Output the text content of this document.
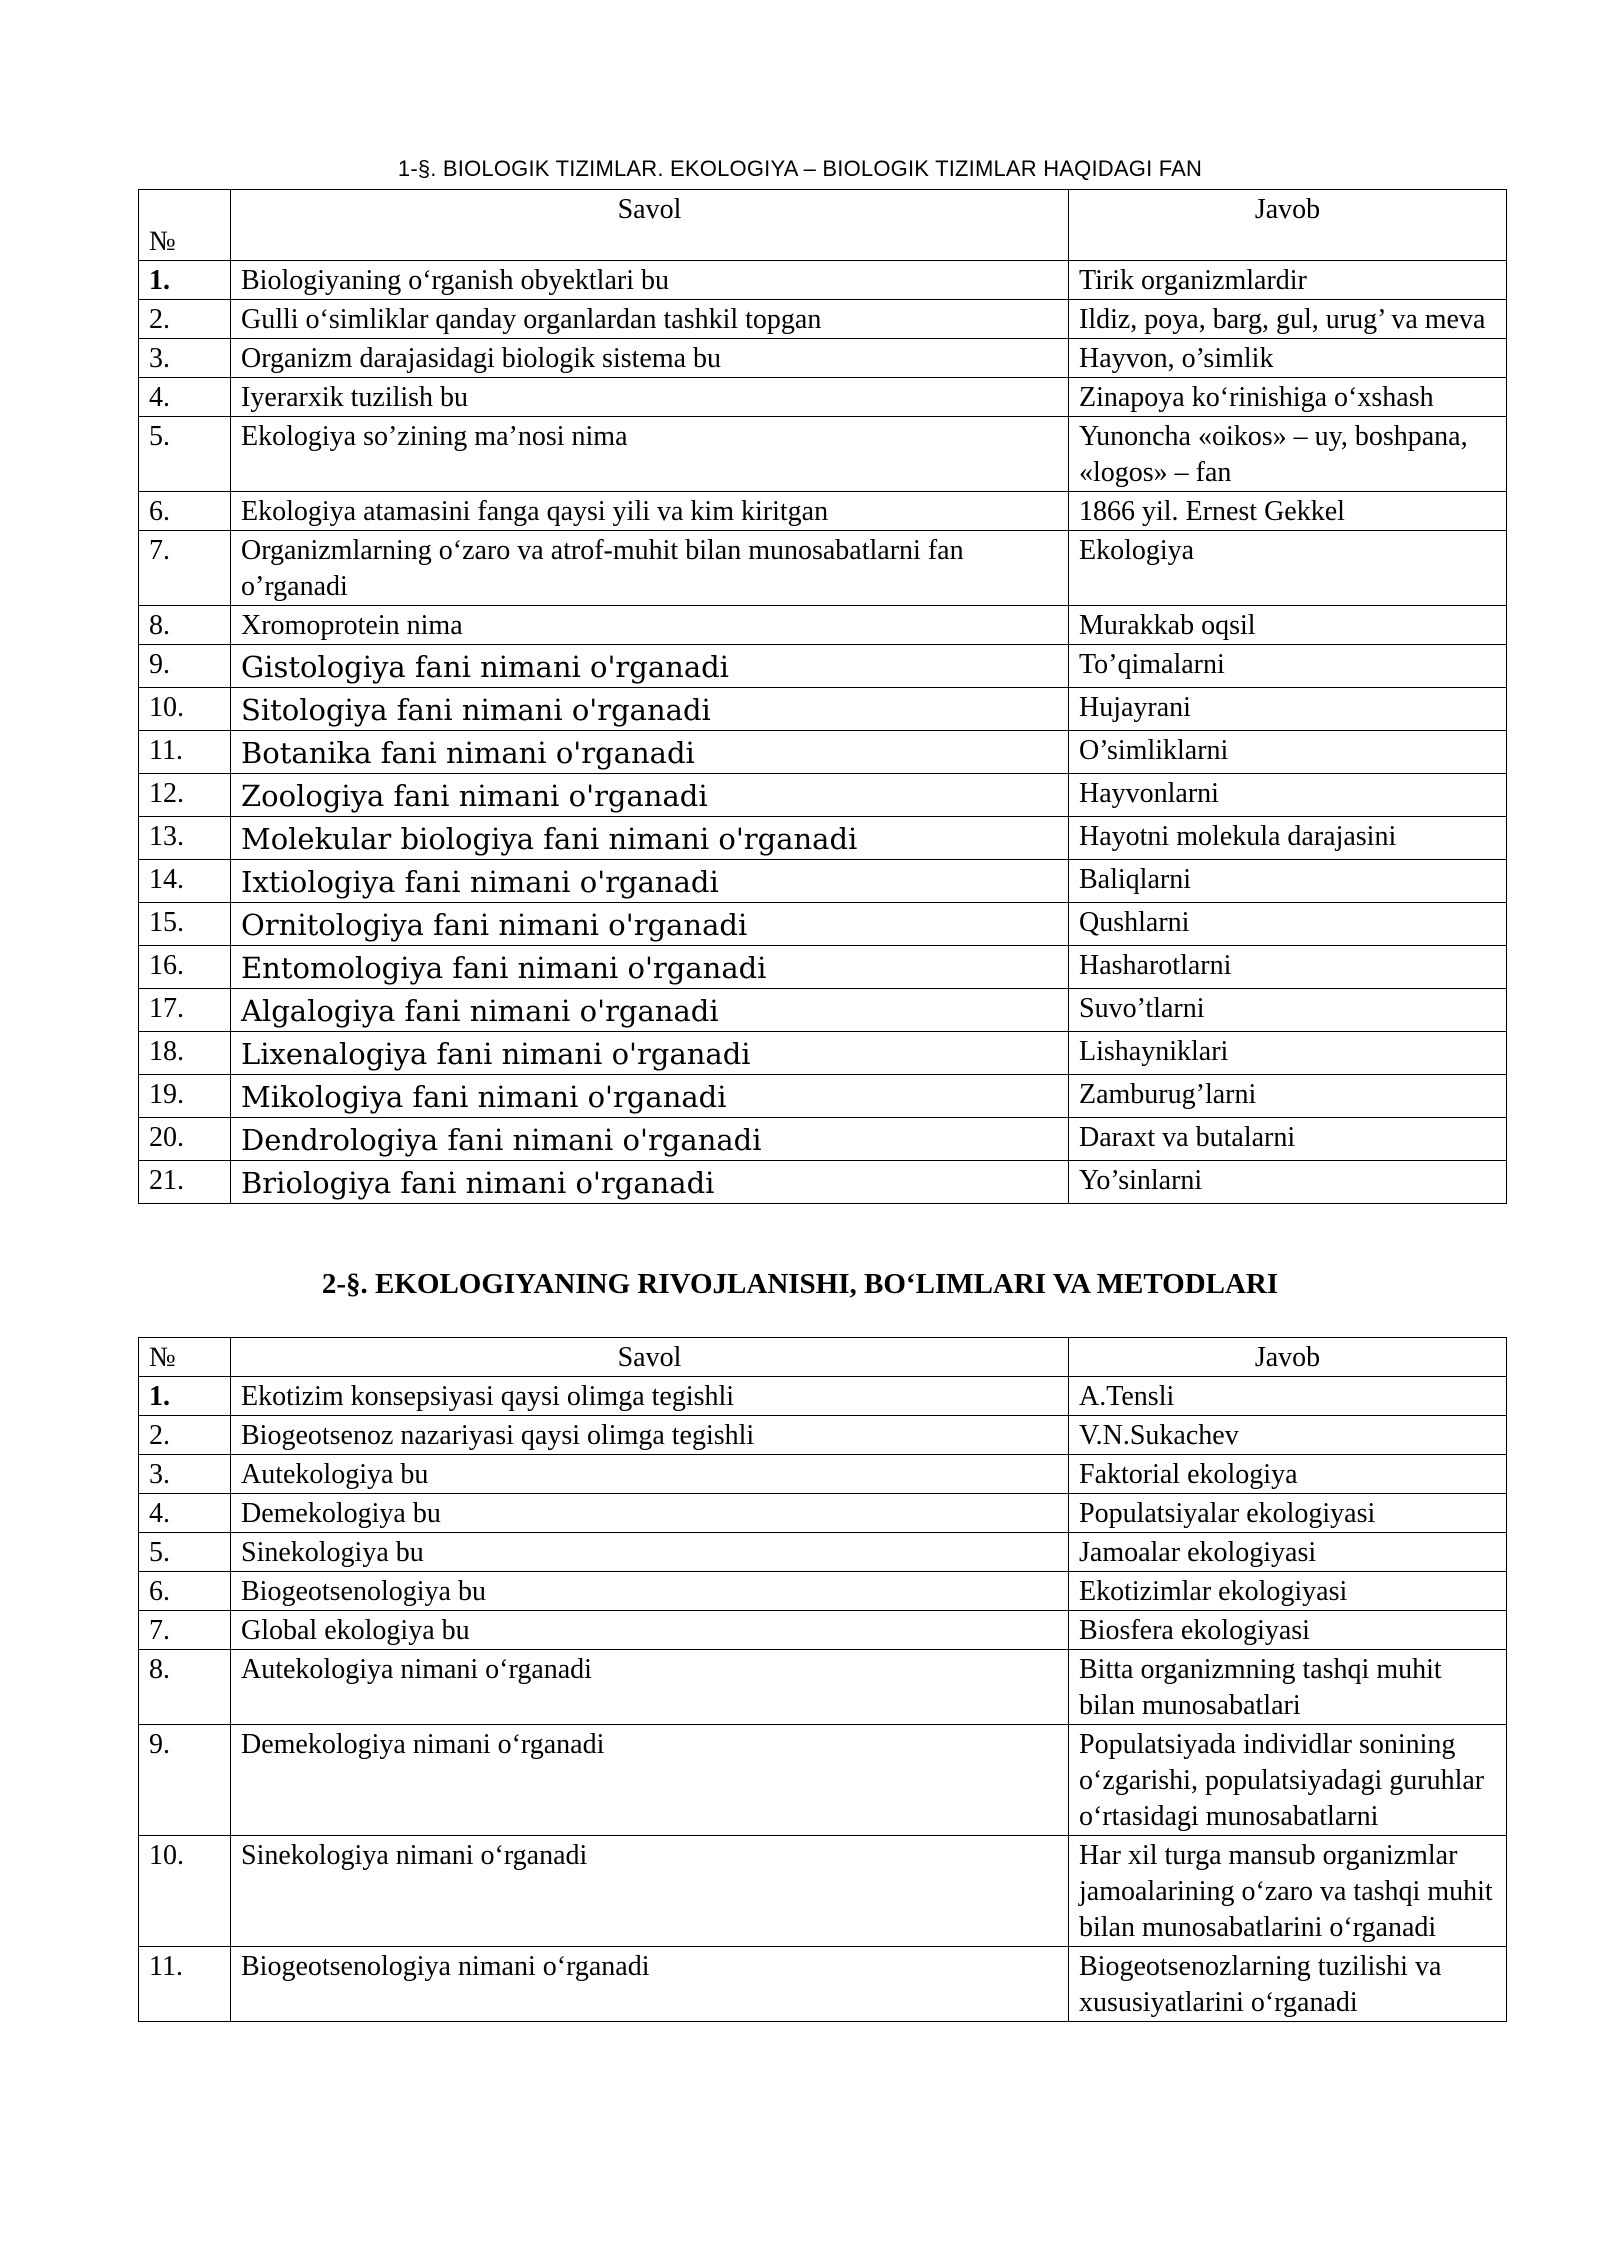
1-§. BIOLOGIK TIZIMLAR. EKOLOGIYA – BIOLOGIK TIZIMLAR HAQIDAGI FAN
№	Savol	Javob
1.	Biologiyaning o‘rganish obyektlari bu	Tirik organizmlardir
2.	Gulli o‘simliklar qanday organlardan tashkil topgan	Ildiz, poya, barg, gul, urug’ va meva
3.	Organizm darajasidagi biologik sistema bu	Hayvon, o’simlik
4.	Iyerarxik tuzilish bu	Zinapoya ko‘rinishiga o‘xshash
5.	Ekologiya so’zining ma’nosi nima	Yunoncha «oikos» – uy, boshpana, «logos» – fan
6.	Ekologiya atamasini fanga qaysi yili va kim kiritgan	1866 yil. Ernest Gekkel
7.	Organizmlarning o‘zaro va atrof-muhit bilan munosabatlarni fan o’rganadi	Ekologiya
8.	Xromoprotein nima	Murakkab oqsil
9.	Gistologiya fani nimani o'rganadi	To’qimalarni
10.	Sitologiya fani nimani o'rganadi	Hujayrani
11.	Botanika fani nimani o'rganadi	O’simliklarni
12.	Zoologiya fani nimani o'rganadi	Hayvonlarni
13.	Molekular biologiya fani nimani o'rganadi	Hayotni molekula darajasini
14.	Ixtiologiya fani nimani o'rganadi	Baliqlarni
15.	Ornitologiya fani nimani o'rganadi	Qushlarni
16.	Entomologiya fani nimani o'rganadi	Hasharotlarni
17.	Algalogiya fani nimani o'rganadi	Suvo’tlarni
18.	Lixenalogiya fani nimani o'rganadi	Lishayniklari
19.	Mikologiya fani nimani o'rganadi	Zamburug’larni
20.	Dendrologiya fani nimani o'rganadi	Daraxt va butalarni
21.	Briologiya fani nimani o'rganadi	Yo’sinlarni
2-§. EKOLOGIYANING RIVOJLANISHI, BO‘LIMLARI VA METODLARI
№	Savol	Javob
1.	Ekotizim konsepsiyasi qaysi olimga tegishli	A.Tensli
2.	Biogeotsenoz nazariyasi qaysi olimga tegishli	V.N.Sukachev
3.	Autekologiya bu	Faktorial ekologiya
4.	Demekologiya bu	Populatsiyalar ekologiyasi
5.	Sinekologiya bu	Jamoalar ekologiyasi
6.	Biogeotsenologiya bu	Ekotizimlar ekologiyasi
7.	Global ekologiya bu	Biosfera ekologiyasi
8.	Autekologiya nimani o‘rganadi	Bitta organizmning tashqi muhit bilan munosabatlari
9.	Demekologiya nimani o‘rganadi	Populatsiyada individlar sonining o‘zgarishi, populatsiyadagi guruhlar o‘rtasidagi munosabatlarni
10.	Sinekologiya nimani o‘rganadi	Har xil turga mansub organizmlar jamoalarining o‘zaro va tashqi muhit bilan munosabatlarini o‘rganadi
11.	Biogeotsenologiya nimani o‘rganadi	Biogeotsenozlarning tuzilishi va xususiyatlarini o‘rganadi
